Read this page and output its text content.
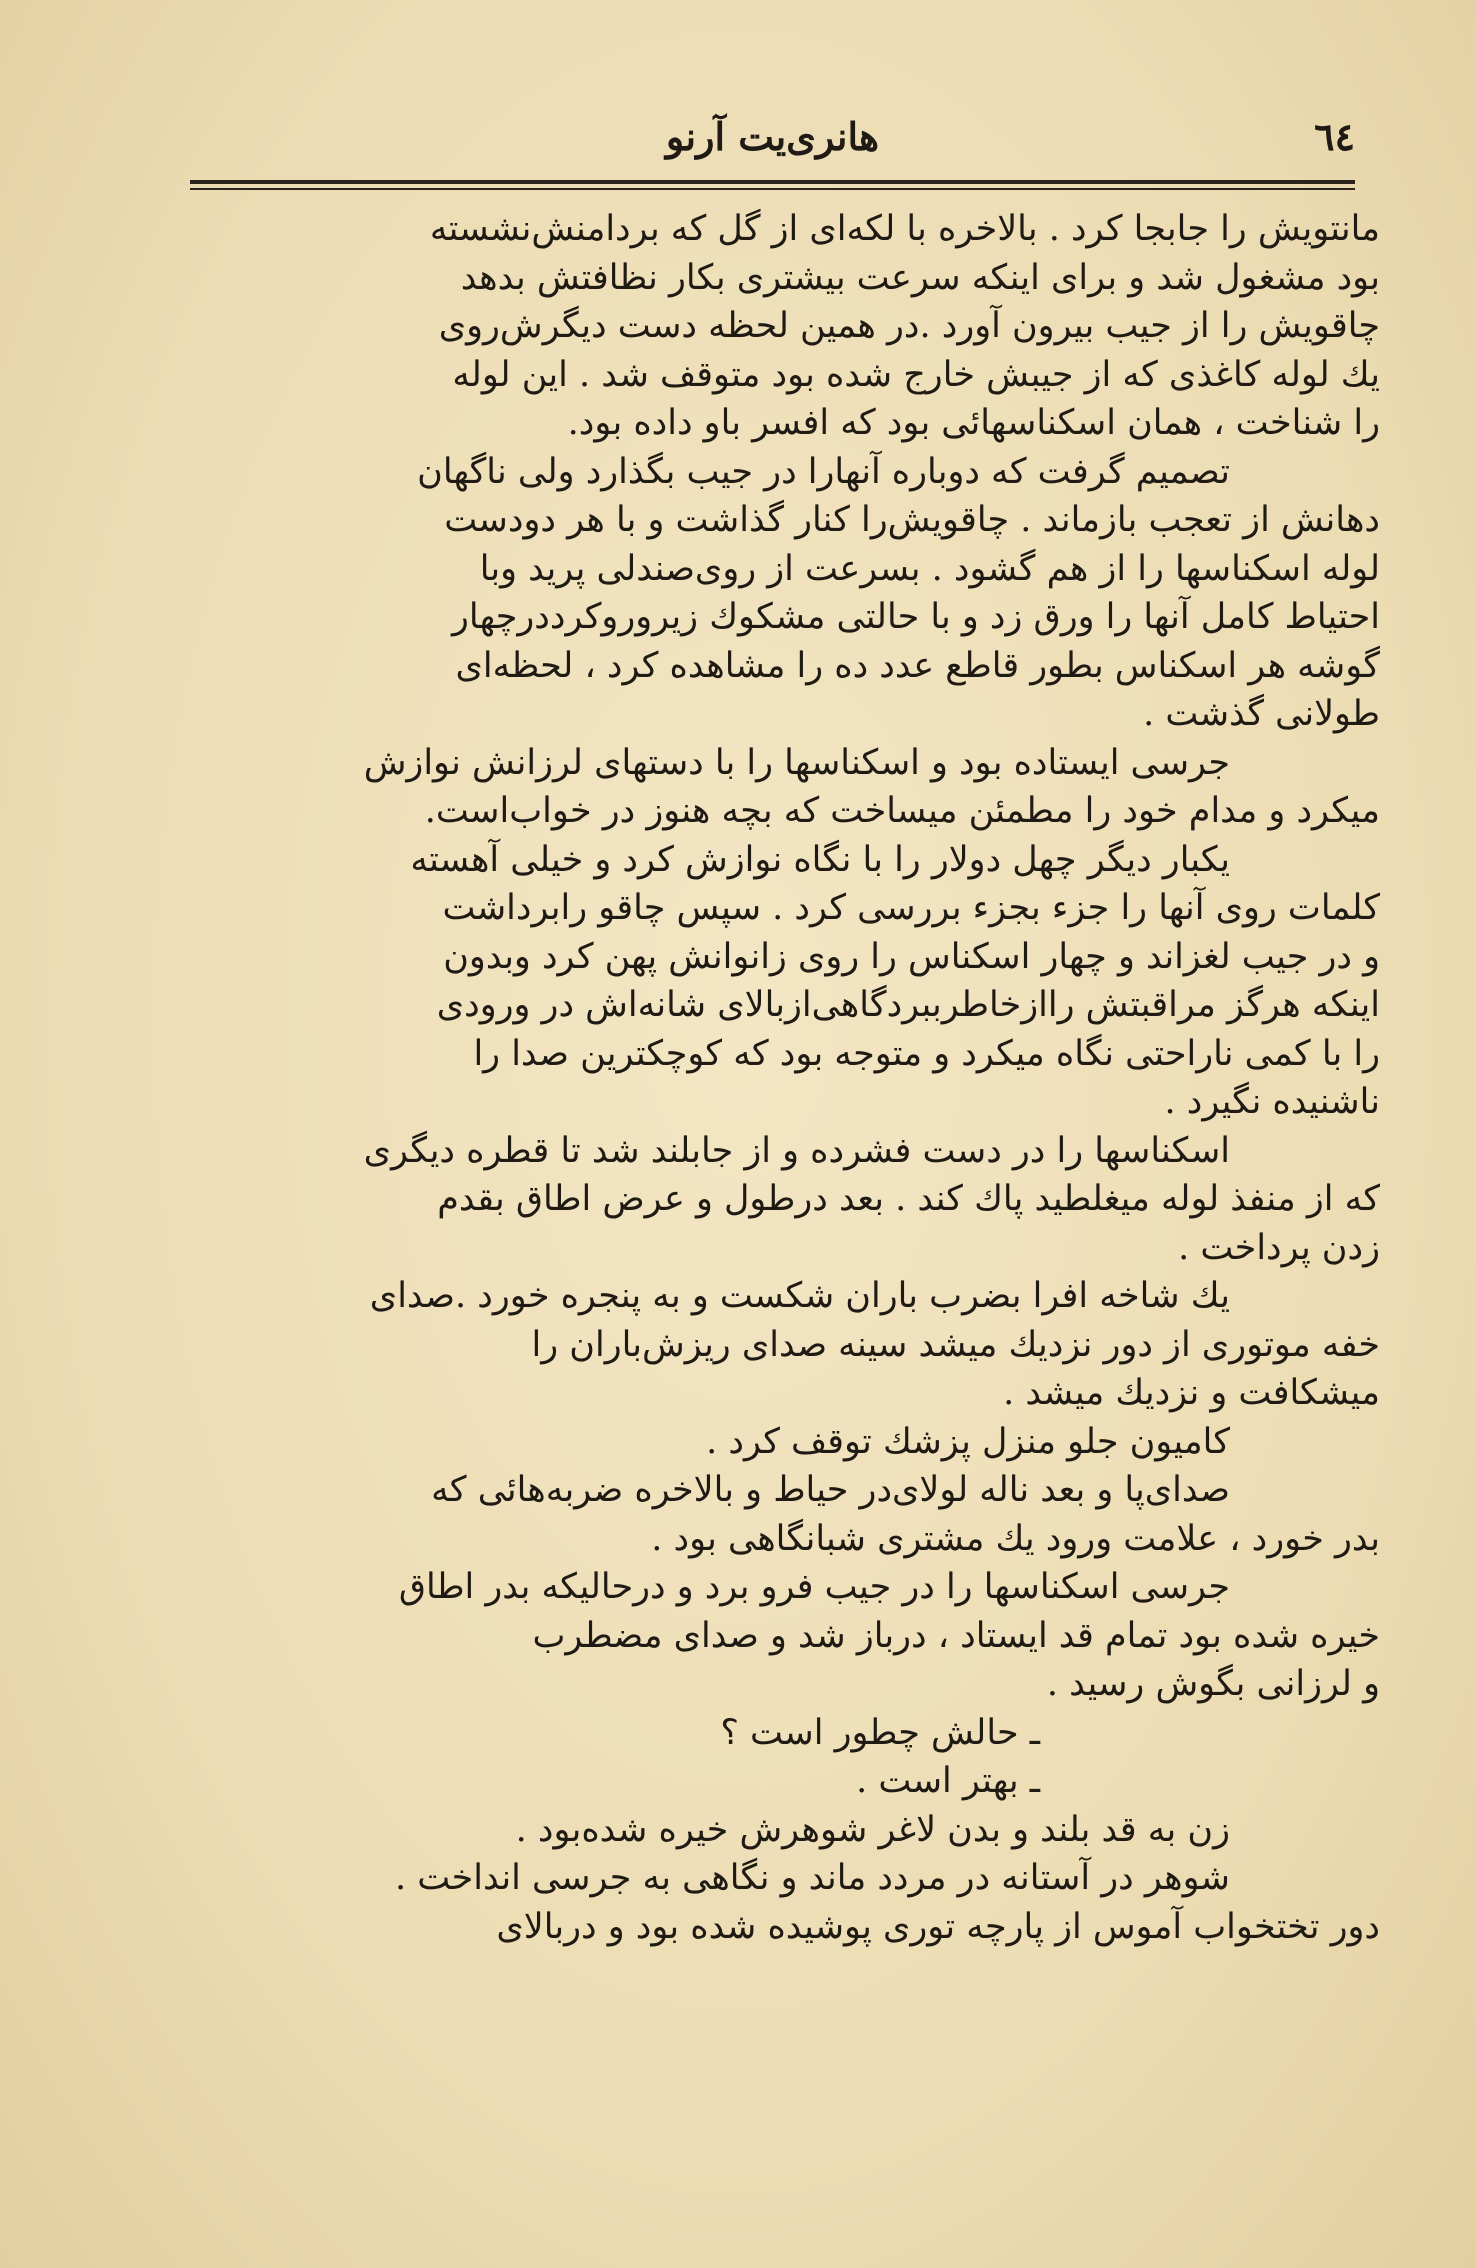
٦٤
هانری‌یت آرنو
مانتویش را جابجا کرد . بالاخره با لکه‌ای از گل که بردامنش‌نشسته
بود مشغول شد و برای اینکه سرعت بیشتری بکار نظافتش بدهد
چاقویش را از جیب بیرون آورد .در همین لحظه دست دیگرش‌روی
یك لوله کاغذی که از جیبش خارج شده بود متوقف شد . این لوله
را شناخت ، همان اسکناسهائی بود که افسر باو داده بود.
تصمیم گرفت که دوباره آنهارا در جیب بگذارد ولی ناگهان
دهانش از تعجب بازماند . چاقویش‌را کنار گذاشت و با هر دودست
لوله اسکناسها را از هم گشود . بسرعت از روی‌صندلی پرید وبا
احتیاط کامل آنها را ورق زد و با حالتی مشکوك زیرورو‌کرد‌درچهار
گوشه هر اسکناس بطور قاطع عدد ده را مشاهده کرد ، لحظه‌ای
طولانی گذشت .
جرسی ایستاده بود و اسکناسها را با دستهای لرزانش نوازش
میکرد و مدام خود را مطمئن میساخت که بچه هنوز در خواب‌است.
یکبار دیگر چهل دولار را با نگاه نوازش کرد و خیلی آهسته
کلمات روی آنها را جزء بجزء بررسی کرد . سپس چاقو رابرداشت
و در جیب لغزاند و چهار اسکناس را روی زانوانش پهن کرد وبدون
اینکه هرگز مراقبتش رااز‌خاطر‌ببرد‌گاهی‌ازبالای شانه‌اش در ورودی
را با کمی ناراحتی نگاه میکرد و متوجه بود که کوچکترین صدا را
ناشنیده نگیرد .
اسکناسها را در دست فشرده و از جابلند شد تا قطره دیگری
که از منفذ لوله میغلطید پاك کند . بعد درطول و عرض اطاق بقدم
زدن پرداخت .
یك شاخه افرا بضرب باران شکست و به پنجره خورد .صدای
خفه موتوری از دور نزدیك میشد سینه صدای ریزش‌باران را
میشکافت و نزدیك میشد .
کامیون جلو منزل پزشك توقف کرد .
صدای‌پا و بعد ناله لولای‌در حیاط و بالاخره ضربه‌هائی که
بدر خورد ، علامت ورود یك مشتری شبانگاهی بود .
جرسی اسکناسها را در جیب فرو برد و درحالیکه بدر اطاق
خیره شده بود تمام قد ایستاد ، درباز شد و صدای مضطرب
و لرزانی بگوش رسید .
ـ حالش چطور است ؟
ـ بهتر است .
زن به قد بلند و بدن لاغر شوهرش خیره شده‌بود .
شوهر در آستانه در مردد ماند و نگاهی به جرسی انداخت .
دور تختخواب آموس از پارچه توری پوشیده شده بود و دربالای
